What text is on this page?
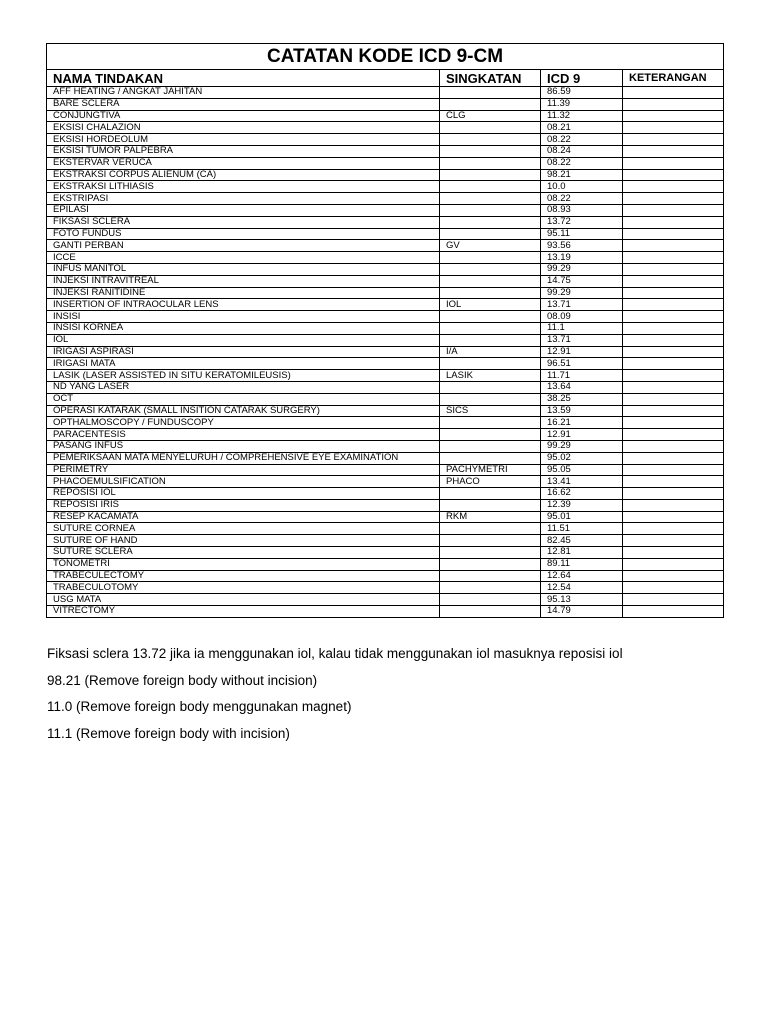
CATATAN KODE ICD 9-CM			
NAMA TINDAKAN	SINGKATAN	ICD 9	KETERANGAN
AFF HEATING / ANGKAT JAHITAN		86.59	
BARE SCLERA		11.39	
CONJUNGTIVA	CLG	11.32	
EKSISI CHALAZION		08.21	
EKSISI HORDEOLUM		08.22	
EKSISI TUMOR PALPEBRA		08.24	
EKSTERVAR VERUCA		08.22	
EKSTRAKSI CORPUS ALIENUM (CA)		98.21	
EKSTRAKSI LITHIASIS		10.0	
EKSTRIPASI		08.22	
EPILASI		08.93	
FIKSASI SCLERA		13.72	
FOTO FUNDUS		95.11	
GANTI PERBAN	GV	93.56	
ICCE		13.19	
INFUS MANITOL		99.29	
INJEKSI INTRAVITREAL		14.75	
INJEKSI RANITIDINE		99.29	
INSERTION OF INTRAOCULAR LENS	IOL	13.71	
INSISI		08.09	
INSISI KORNEA		11.1	
IOL		13.71	
IRIGASI ASPIRASI	I/A	12.91	
IRIGASI MATA		96.51	
LASIK (LASER ASSISTED IN SITU KERATOMILEUSIS)	LASIK	11.71	
ND YANG LASER		13.64	
OCT		38.25	
OPERASI KATARAK (SMALL INSITION CATARAK SURGERY)	SICS	13.59	
OPTHALMOSCOPY / FUNDUSCOPY		16.21	
PARACENTESIS		12.91	
PASANG INFUS		99.29	
PEMERIKSAAN MATA MENYELURUH / COMPREHENSIVE EYE EXAMINATION		95.02	
PERIMETRY	PACHYMETRI	95.05	
PHACOEMULSIFICATION	PHACO	13.41	
REPOSISI IOL		16.62	
REPOSISI IRIS		12.39	
RESEP KACAMATA	RKM	95.01	
SUTURE CORNEA		11.51	
SUTURE OF HAND		82.45	
SUTURE SCLERA		12.81	
TONOMETRI		89.11	
TRABECULECTOMY		12.64	
TRABECULOTOMY		12.54	
USG MATA		95.13	
VITRECTOMY		14.79	

Fiksasi sclera 13.72 jika ia menggunakan iol, kalau tidak menggunakan iol masuknya reposisi iol

98.21 (Remove foreign body without incision)

11.0 (Remove foreign body menggunakan magnet)

11.1 (Remove foreign body with incision)
